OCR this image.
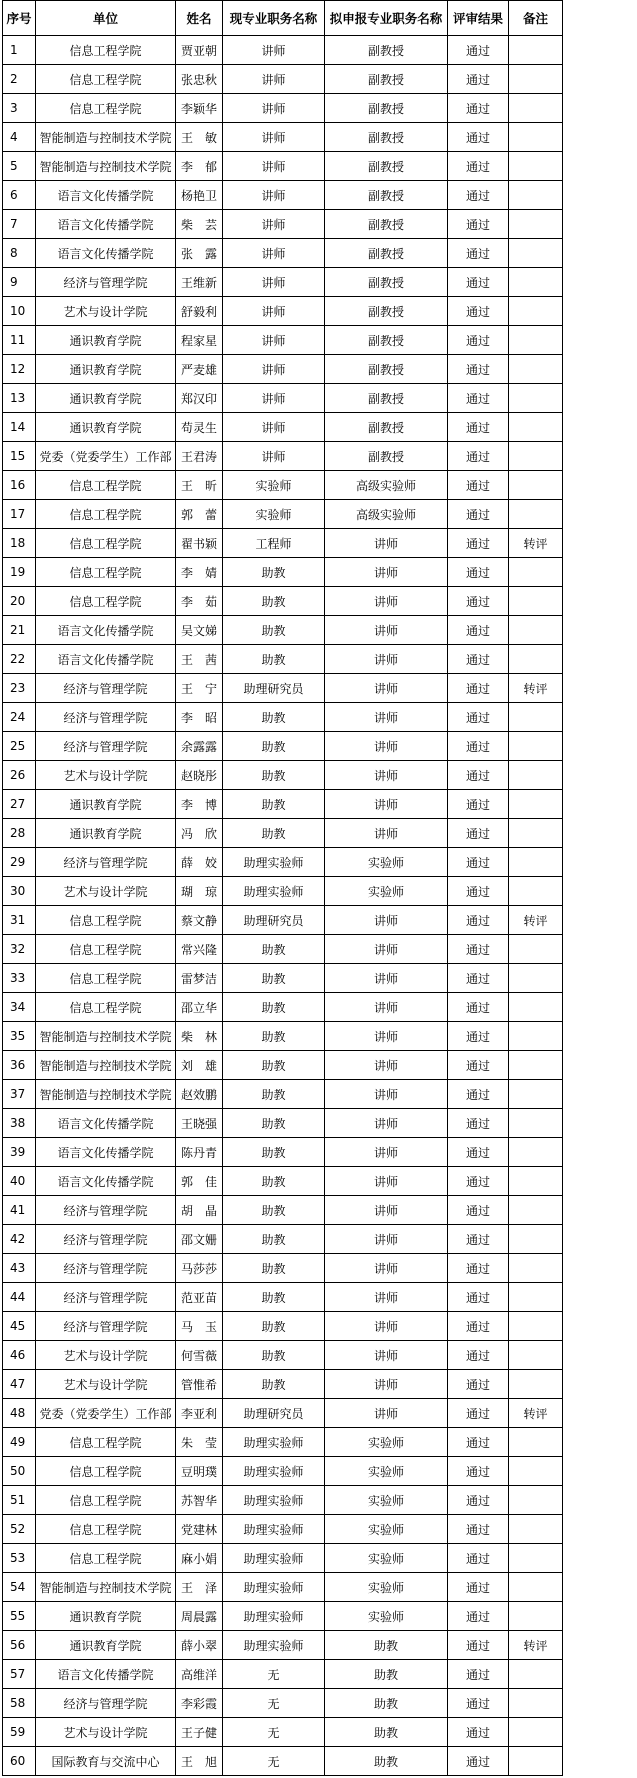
序号	单位	姓名	现专业职务名称	拟申报专业职务名称	评审结果	备注
1	信息工程学院	贾亚朝	讲师	副教授	通过	
2	信息工程学院	张忠秋	讲师	副教授	通过	
3	信息工程学院	李颖华	讲师	副教授	通过	
4	智能制造与控制技术学院	王　敏	讲师	副教授	通过	
5	智能制造与控制技术学院	李　郁	讲师	副教授	通过	
6	语言文化传播学院	杨艳卫	讲师	副教授	通过	
7	语言文化传播学院	柴　芸	讲师	副教授	通过	
8	语言文化传播学院	张　露	讲师	副教授	通过	
9	经济与管理学院	王维新	讲师	副教授	通过	
10	艺术与设计学院	舒毅利	讲师	副教授	通过	
11	通识教育学院	程家星	讲师	副教授	通过	
12	通识教育学院	严麦雄	讲师	副教授	通过	
13	通识教育学院	郑汉印	讲师	副教授	通过	
14	通识教育学院	苟灵生	讲师	副教授	通过	
15	党委（党委学生）工作部	王君涛	讲师	副教授	通过	
16	信息工程学院	王　昕	实验师	高级实验师	通过	
17	信息工程学院	郭　蕾	实验师	高级实验师	通过	
18	信息工程学院	翟书颖	工程师	讲师	通过	转评
19	信息工程学院	李　婧	助教	讲师	通过	
20	信息工程学院	李　茹	助教	讲师	通过	
21	语言文化传播学院	吴文娣	助教	讲师	通过	
22	语言文化传播学院	王　茜	助教	讲师	通过	
23	经济与管理学院	王　宁	助理研究员	讲师	通过	转评
24	经济与管理学院	李　昭	助教	讲师	通过	
25	经济与管理学院	余露露	助教	讲师	通过	
26	艺术与设计学院	赵晓彤	助教	讲师	通过	
27	通识教育学院	李　博	助教	讲师	通过	
28	通识教育学院	冯　欣	助教	讲师	通过	
29	经济与管理学院	薛　姣	助理实验师	实验师	通过	
30	艺术与设计学院	瑚　琼	助理实验师	实验师	通过	
31	信息工程学院	蔡文静	助理研究员	讲师	通过	转评
32	信息工程学院	常兴隆	助教	讲师	通过	
33	信息工程学院	雷梦洁	助教	讲师	通过	
34	信息工程学院	邵立华	助教	讲师	通过	
35	智能制造与控制技术学院	柴　林	助教	讲师	通过	
36	智能制造与控制技术学院	刘　雄	助教	讲师	通过	
37	智能制造与控制技术学院	赵效鹏	助教	讲师	通过	
38	语言文化传播学院	王晓强	助教	讲师	通过	
39	语言文化传播学院	陈丹青	助教	讲师	通过	
40	语言文化传播学院	郭　佳	助教	讲师	通过	
41	经济与管理学院	胡　晶	助教	讲师	通过	
42	经济与管理学院	邵文姗	助教	讲师	通过	
43	经济与管理学院	马莎莎	助教	讲师	通过	
44	经济与管理学院	范亚苗	助教	讲师	通过	
45	经济与管理学院	马　玉	助教	讲师	通过	
46	艺术与设计学院	何雪薇	助教	讲师	通过	
47	艺术与设计学院	管惟希	助教	讲师	通过	
48	党委（党委学生）工作部	李亚利	助理研究员	讲师	通过	转评
49	信息工程学院	朱　莹	助理实验师	实验师	通过	
50	信息工程学院	豆明璞	助理实验师	实验师	通过	
51	信息工程学院	苏智华	助理实验师	实验师	通过	
52	信息工程学院	党建林	助理实验师	实验师	通过	
53	信息工程学院	麻小娟	助理实验师	实验师	通过	
54	智能制造与控制技术学院	王　泽	助理实验师	实验师	通过	
55	通识教育学院	周晨露	助理实验师	实验师	通过	
56	通识教育学院	薛小翠	助理实验师	助教	通过	转评
57	语言文化传播学院	高维洋	无	助教	通过	
58	经济与管理学院	李彩霞	无	助教	通过	
59	艺术与设计学院	王子健	无	助教	通过	
60	国际教育与交流中心	王　旭	无	助教	通过	
